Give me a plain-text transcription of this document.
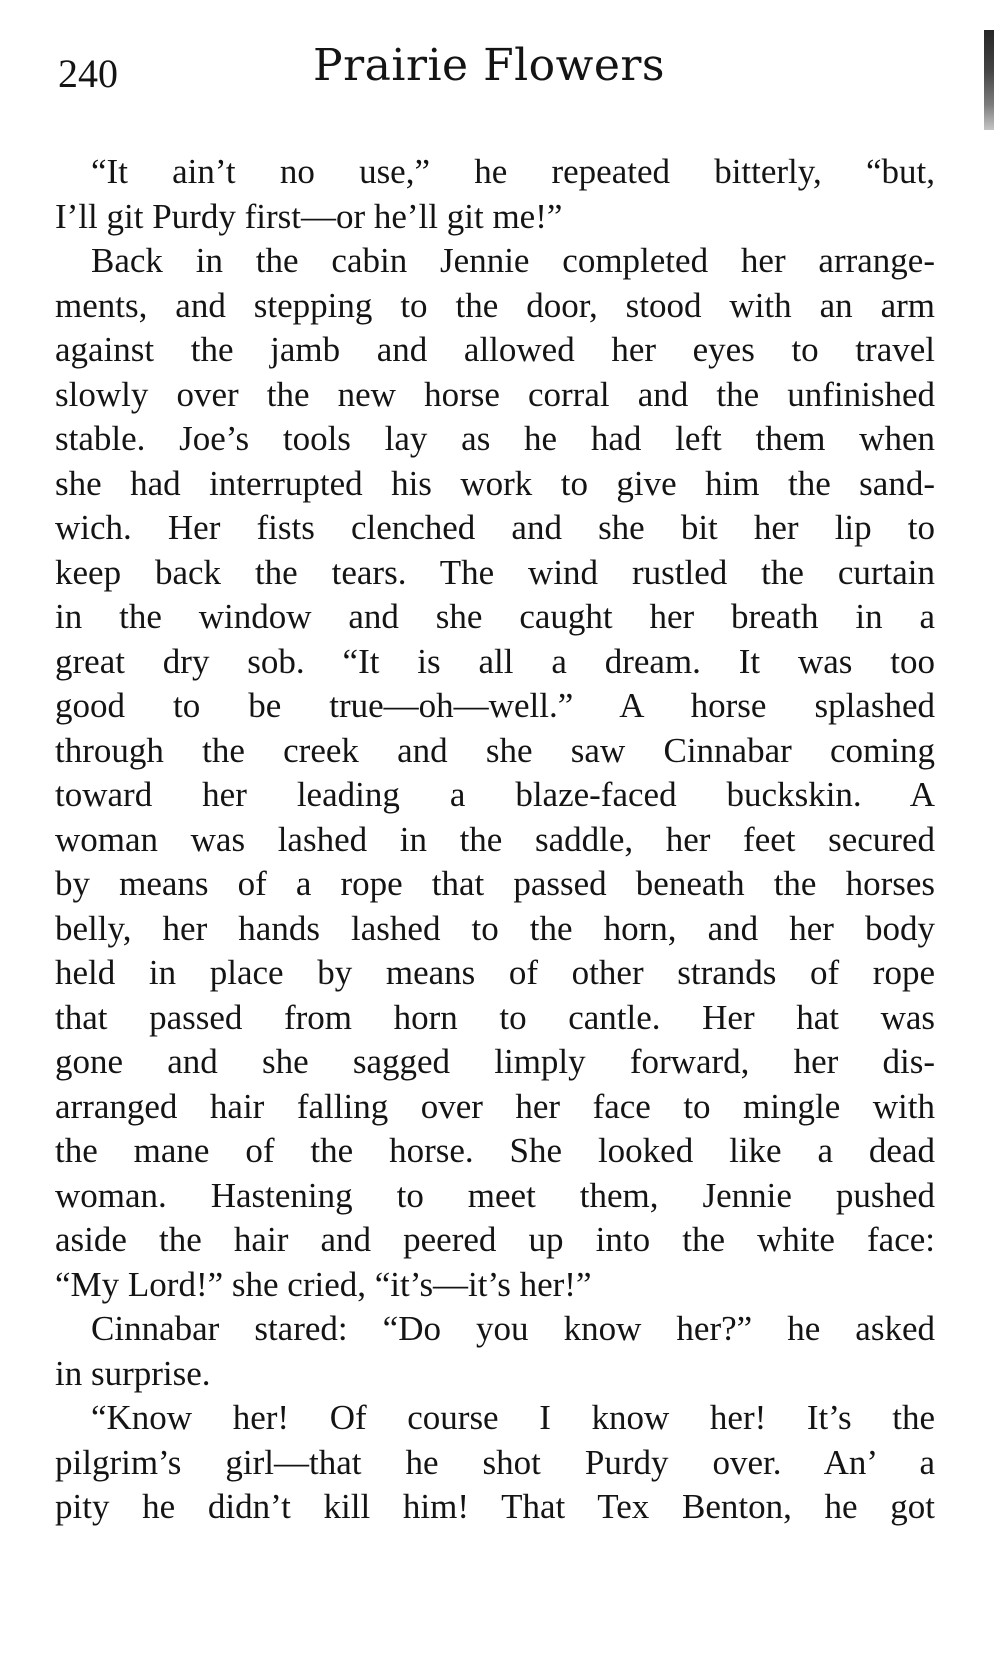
240	Prairie Flowers

“It ain’t no use,” he repeated bitterly, “but,
I’ll git Purdy first—or he’ll git me!”

Back in the cabin Jennie completed her arrange-
ments, and stepping to the door, stood with an arm
against the jamb and allowed her eyes to travel
slowly over the new horse corral and the unfinished
stable. Joe’s tools lay as he had left them when
she had interrupted his work to give him the sand-
wich. Her fists clenched and she bit her lip to
keep back the tears. The wind rustled the curtain
in the window and she caught her breath in a
great dry sob. “It is all a dream. It was too
good to be true—oh—well.” A horse splashed
through the creek and she saw Cinnabar coming
toward her leading a blaze-faced buckskin. A
woman was lashed in the saddle, her feet secured
by means of a rope that passed beneath the horses
belly, her hands lashed to the horn, and her body
held in place by means of other strands of rope
that passed from horn to cantle. Her hat was
gone and she sagged limply forward, her dis-
arranged hair falling over her face to mingle with
the mane of the horse. She looked like a dead
woman. Hastening to meet them, Jennie pushed
aside the hair and peered up into the white face:
“My Lord!” she cried, “it’s—it’s her!”

Cinnabar stared: “Do you know her?” he asked
in surprise.

“Know her! Of course I know her! It’s the
pilgrim’s girl—that he shot Purdy over. An’ a
pity he didn’t kill him! That Tex Benton, he got
